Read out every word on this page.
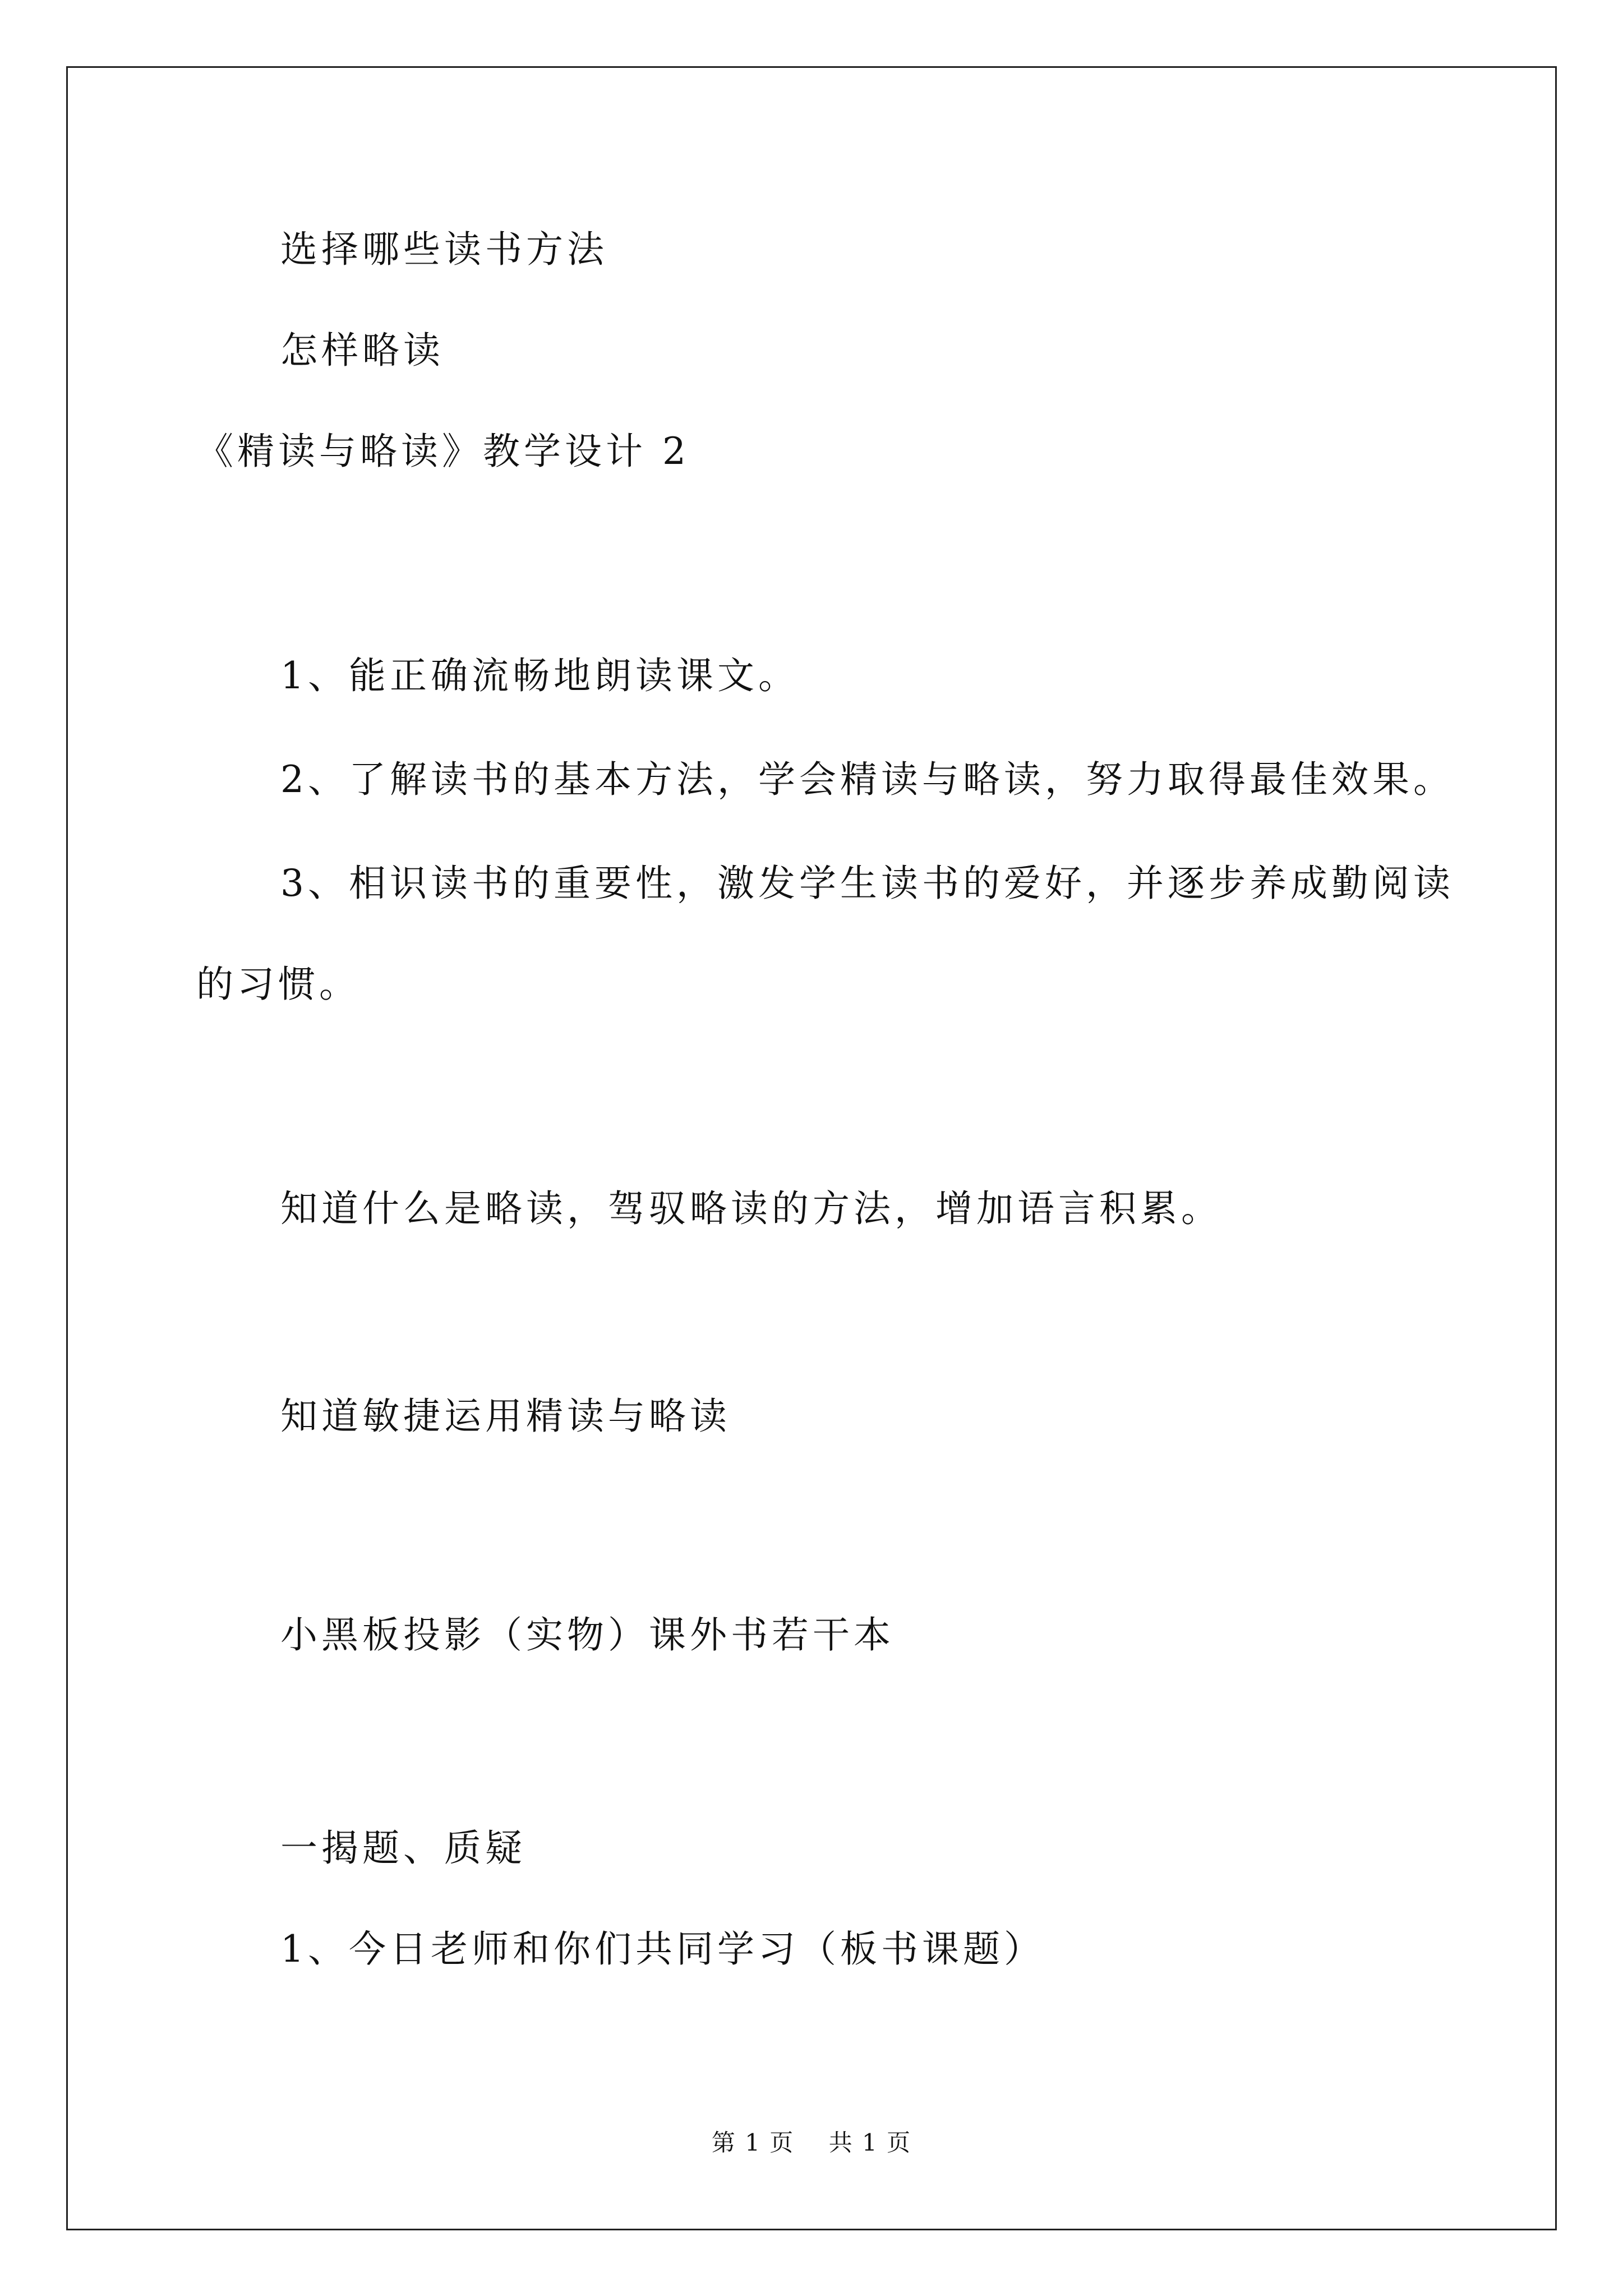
选择哪些读书方法

怎样略读

《精读与略读》教学设计 2

1、能正确流畅地朗读课文。

2、了解读书的基本方法，学会精读与略读，努力取得最佳效果。

3、相识读书的重要性，激发学生读书的爱好，并逐步养成勤阅读

的习惯。

知道什么是略读，驾驭略读的方法，增加语言积累。

知道敏捷运用精读与略读

小黑板投影（实物）课外书若干本

一揭题、质疑

1、今日老师和你们共同学习（板书课题）

第 1 页    共 1 页
